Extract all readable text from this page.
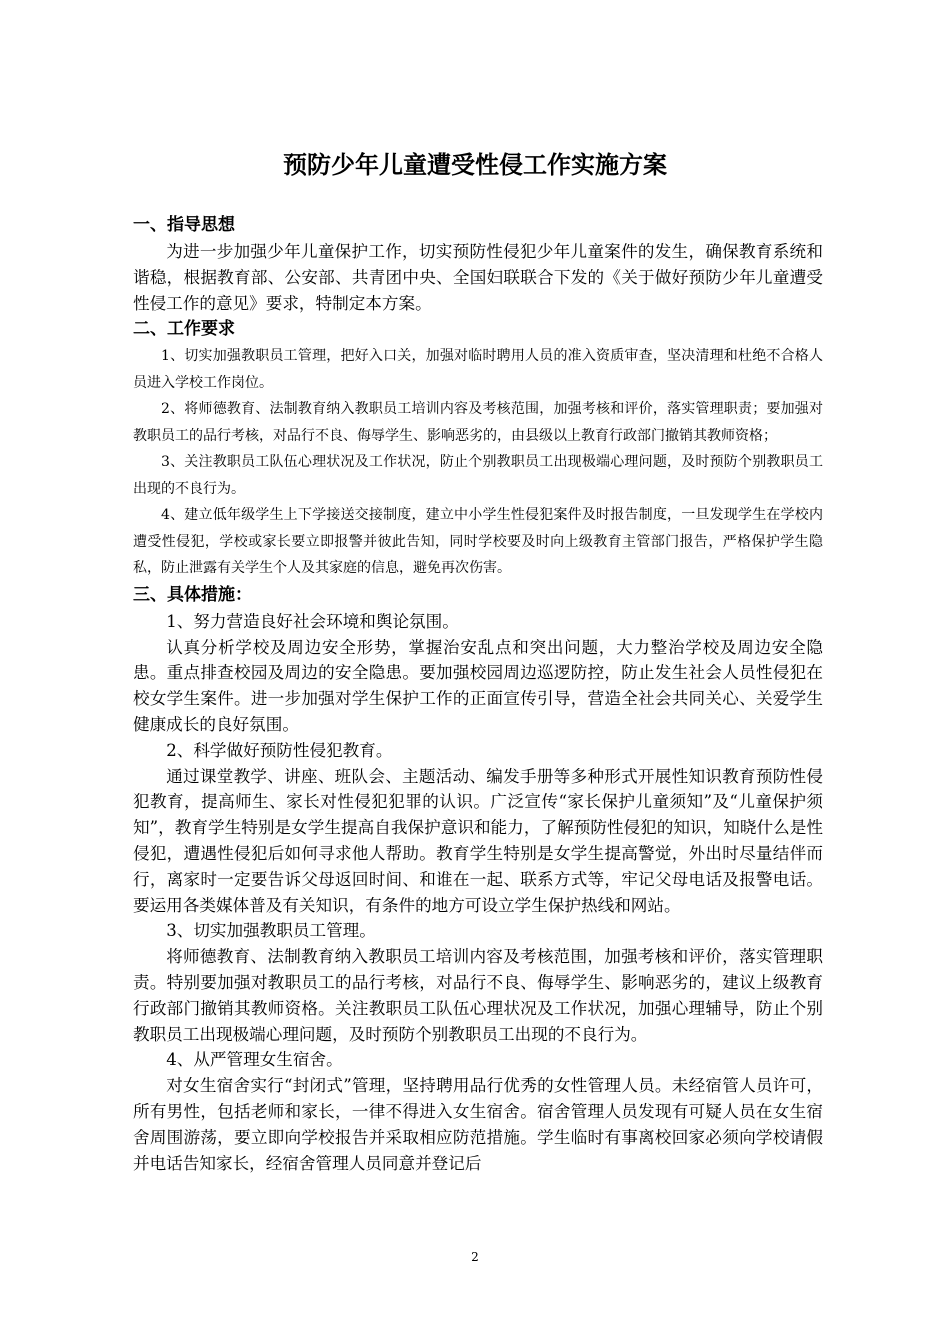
预防少年儿童遭受性侵工作实施方案

一、指导思想

为进一步加强少年儿童保护工作，切实预防性侵犯少年儿童案件的发生，确保教育系统和谐稳，根据教育部、公安部、共青团中央、全国妇联联合下发的《关于做好预防少年儿童遭受性侵工作的意见》要求，特制定本方案。

二、工作要求

1、切实加强教职员工管理，把好入口关，加强对临时聘用人员的准入资质审查，坚决清理和杜绝不合格人员进入学校工作岗位。

2、将师德教育、法制教育纳入教职员工培训内容及考核范围，加强考核和评价，落实管理职责；要加强对教职员工的品行考核，对品行不良、侮辱学生、影响恶劣的，由县级以上教育行政部门撤销其教师资格；

3、关注教职员工队伍心理状况及工作状况，防止个别教职员工出现极端心理问题，及时预防个别教职员工出现的不良行为。

4、建立低年级学生上下学接送交接制度，建立中小学生性侵犯案件及时报告制度，一旦发现学生在学校内遭受性侵犯，学校或家长要立即报警并彼此告知，同时学校要及时向上级教育主管部门报告，严格保护学生隐私，防止泄露有关学生个人及其家庭的信息，避免再次伤害。

三、具体措施：

1、努力营造良好社会环境和舆论氛围。

认真分析学校及周边安全形势，掌握治安乱点和突出问题，大力整治学校及周边安全隐患。重点排查校园及周边的安全隐患。要加强校园周边巡逻防控，防止发生社会人员性侵犯在校女学生案件。进一步加强对学生保护工作的正面宣传引导，营造全社会共同关心、关爱学生健康成长的良好氛围。

2、科学做好预防性侵犯教育。

通过课堂教学、讲座、班队会、主题活动、编发手册等多种形式开展性知识教育预防性侵犯教育，提高师生、家长对性侵犯犯罪的认识。广泛宣传“家长保护儿童须知”及“儿童保护须知”，教育学生特别是女学生提高自我保护意识和能力，了解预防性侵犯的知识，知晓什么是性侵犯，遭遇性侵犯后如何寻求他人帮助。教育学生特别是女学生提高警觉，外出时尽量结伴而行，离家时一定要告诉父母返回时间、和谁在一起、联系方式等，牢记父母电话及报警电话。要运用各类媒体普及有关知识，有条件的地方可设立学生保护热线和网站。

3、切实加强教职员工管理。

将师德教育、法制教育纳入教职员工培训内容及考核范围，加强考核和评价，落实管理职责。特别要加强对教职员工的品行考核，对品行不良、侮辱学生、影响恶劣的，建议上级教育行政部门撤销其教师资格。关注教职员工队伍心理状况及工作状况，加强心理辅导，防止个别教职员工出现极端心理问题，及时预防个别教职员工出现的不良行为。

4、从严管理女生宿舍。

对女生宿舍实行“封闭式”管理，坚持聘用品行优秀的女性管理人员。未经宿管人员许可，所有男性，包括老师和家长，一律不得进入女生宿舍。宿舍管理人员发现有可疑人员在女生宿舍周围游荡，要立即向学校报告并采取相应防范措施。学生临时有事离校回家必须向学校请假并电话告知家长，经宿舍管理人员同意并登记后

2
